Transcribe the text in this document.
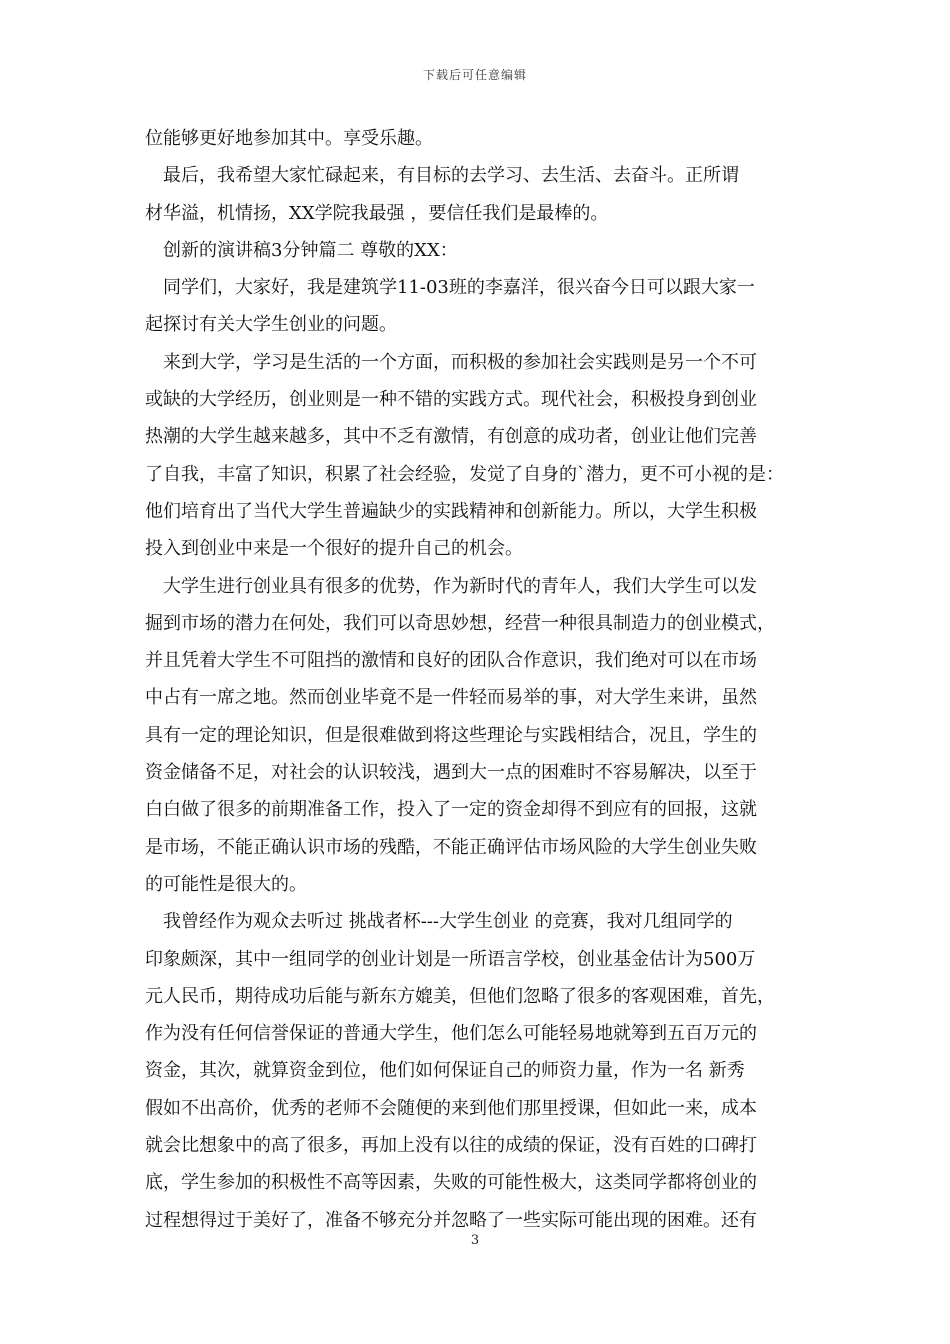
下载后可任意编辑
位能够更好地参加其中。享受乐趣。
　最后，我希望大家忙碌起来，有目标的去学习、去生活、去奋斗。正所谓
材华溢，机情扬，XX学院我最强 ，要信任我们是最棒的。
　创新的演讲稿3分钟篇二 尊敬的XX：
　同学们，大家好，我是建筑学11-03班的李嘉洋，很兴奋今日可以跟大家一
起探讨有关大学生创业的问题。
　来到大学，学习是生活的一个方面，而积极的参加社会实践则是另一个不可
或缺的大学经历，创业则是一种不错的实践方式。现代社会，积极投身到创业
热潮的大学生越来越多，其中不乏有激情，有创意的成功者，创业让他们完善
了自我，丰富了知识，积累了社会经验，发觉了自身的`潜力，更不可小视的是：
他们培育出了当代大学生普遍缺少的实践精神和创新能力。所以，大学生积极
投入到创业中来是一个很好的提升自己的机会。
　大学生进行创业具有很多的优势，作为新时代的青年人，我们大学生可以发
掘到市场的潜力在何处，我们可以奇思妙想，经营一种很具制造力的创业模式，
并且凭着大学生不可阻挡的激情和良好的团队合作意识，我们绝对可以在市场
中占有一席之地。然而创业毕竟不是一件轻而易举的事，对大学生来讲，虽然
具有一定的理论知识，但是很难做到将这些理论与实践相结合，况且，学生的
资金储备不足，对社会的认识较浅，遇到大一点的困难时不容易解决，以至于
白白做了很多的前期准备工作，投入了一定的资金却得不到应有的回报，这就
是市场，不能正确认识市场的残酷，不能正确评估市场风险的大学生创业失败
的可能性是很大的。
　我曾经作为观众去听过 挑战者杯---大学生创业 的竞赛，我对几组同学的
印象颇深，其中一组同学的创业计划是一所语言学校，创业基金估计为500万
元人民币，期待成功后能与新东方媲美，但他们忽略了很多的客观困难，首先，
作为没有任何信誉保证的普通大学生，他们怎么可能轻易地就筹到五百万元的
资金，其次，就算资金到位，他们如何保证自己的师资力量，作为一名 新秀
假如不出高价，优秀的老师不会随便的来到他们那里授课，但如此一来，成本
就会比想象中的高了很多，再加上没有以往的成绩的保证，没有百姓的口碑打
底，学生参加的积极性不高等因素，失败的可能性极大，这类同学都将创业的
过程想得过于美好了，准备不够充分并忽略了一些实际可能出现的困难。还有
3
